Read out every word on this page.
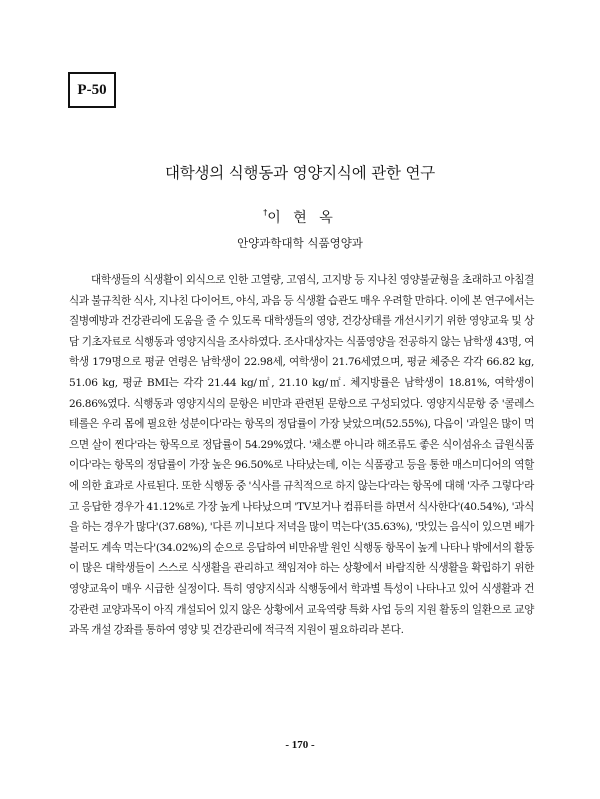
P-50
대학생의 식행동과 영양지식에 관한 연구
†이 현 옥
안양과학대학 식품영양과
대학생들의 식생활이 외식으로 인한 고열량, 고염식, 고지방 등 지나친 영양불균형을 초래하고 아침결식과 불규칙한 식사, 지나친 다이어트, 야식, 과음 등 식생활 습관도 매우 우려할 만하다. 이에 본 연구에서는 질병예방과 건강관리에 도움을 줄 수 있도록 대학생들의 영양, 건강상태를 개선시키기 위한 영양교육 및 상담 기초자료로 식행동과 영양지식을 조사하였다. 조사대상자는 식품영양을 전공하지 않는 남학생 43명, 여학생 179명으로 평균 연령은 남학생이 22.98세, 여학생이 21.76세였으며, 평균 체중은 각각 66.82 kg, 51.06 kg, 평균 BMI는 각각 21.44 kg/㎡, 21.10 kg/㎡. 체지방률은 남학생이 18.81%, 여학생이 26.86%였다. 식행동과 영양지식의 문항은 비만과 관련된 문항으로 구성되었다. 영양지식문항 중 '콜레스테롤은 우리 몸에 필요한 성분이다'라는 항목의 정답률이 가장 낮았으며(52.55%), 다음이 '과일은 많이 먹으면 살이 찐다'라는 항목으로 정답률이 54.29%였다. '채소뿐 아니라 해조류도 좋은 식이섬유소 급원식품이다'라는 항목의 정답률이 가장 높은 96.50%로 나타났는데, 이는 식품광고 등을 통한 매스미디어의 역할에 의한 효과로 사료된다. 또한 식행동 중 '식사를 규칙적으로 하지 않는다'라는 항목에 대해 '자주 그렇다'라고 응답한 경우가 41.12%로 가장 높게 나타났으며 'TV보거나 컴퓨터를 하면서 식사한다'(40.54%), '과식을 하는 경우가 많다'(37.68%), '다른 끼니보다 저녁을 많이 먹는다'(35.63%), '맛있는 음식이 있으면 배가 불러도 계속 먹는다'(34.02%)의 순으로 응답하여 비만유발 원인 식행동 항목이 높게 나타나 밖에서의 활동이 많은 대학생들이 스스로 식생활을 관리하고 책임져야 하는 상황에서 바람직한 식생활을 확립하기 위한 영양교육이 매우 시급한 실정이다. 특히 영양지식과 식행동에서 학과별 특성이 나타나고 있어 식생활과 건강관련 교양과목이 아직 개설되어 있지 않은 상황에서 교육역량 특화 사업 등의 지원 활동의 일환으로 교양과목 개설 강좌를 통하여 영양 및 건강관리에 적극적 지원이 필요하리라 본다.
- 170 -
